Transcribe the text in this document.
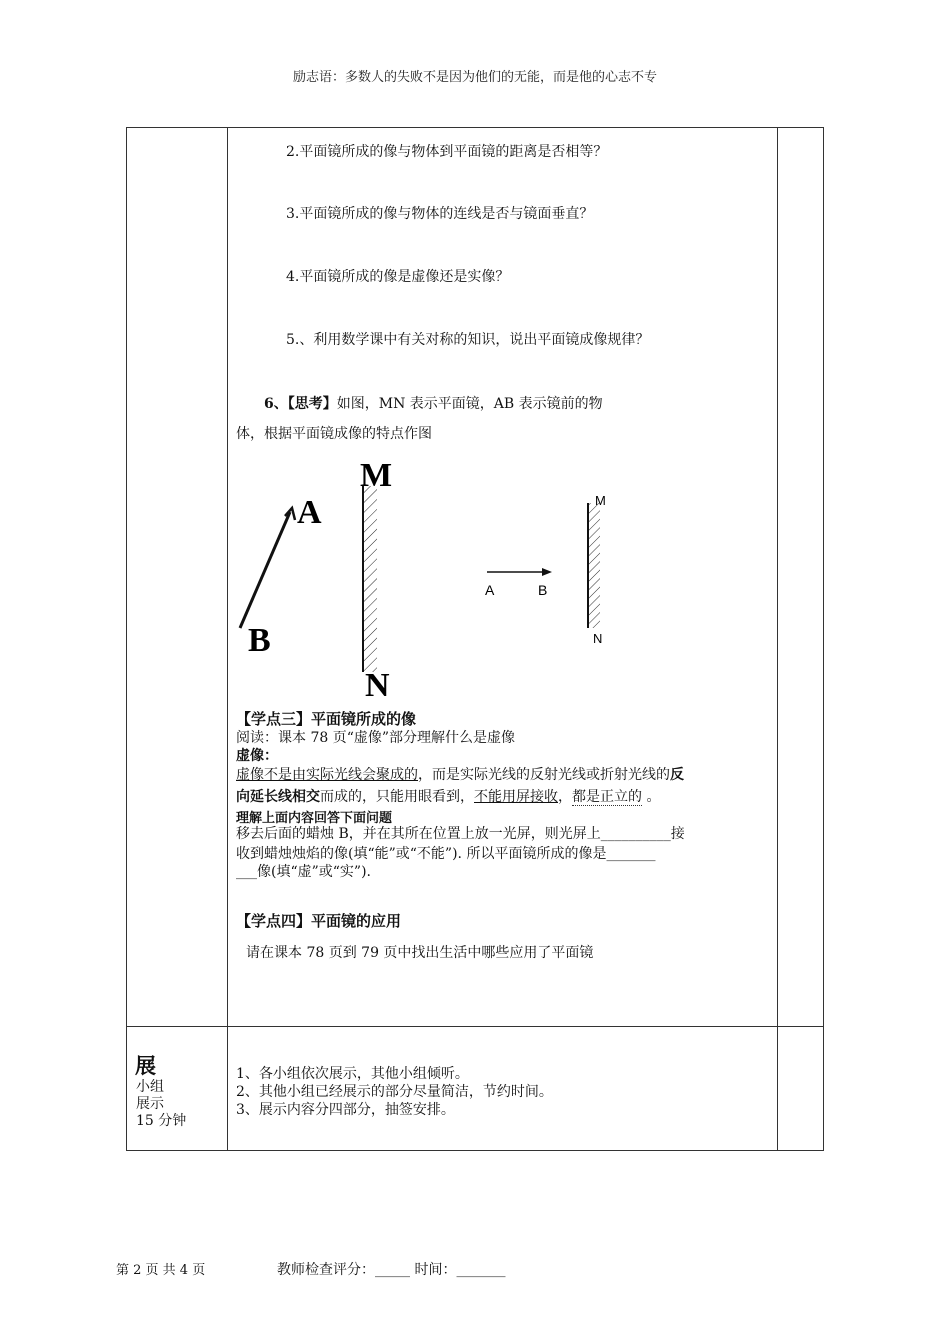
励志语：多数人的失败不是因为他们的无能，而是他的心志不专
2.平面镜所成的像与物体到平面镜的距离是否相等？
3.平面镜所成的像与物体的连线是否与镜面垂直？
4.平面镜所成的像是虚像还是实像？
5.、利用数学课中有关对称的知识，说出平面镜成像规律？
6、【思考】如图，MN 表示平面镜，AB 表示镜前的物
体，根据平面镜成像的特点作图
M
N
A
B
M
N
A	B
【学点三】平面镜所成的像
阅读：课本 78 页“虚像”部分理解什么是虚像
虚像：
虚像不是由实际光线会聚成的，而是实际光线的反射光线或折射光线的反
向延长线相交而成的，只能用眼看到，不能用屏接收，都是正立的 。
理解上面内容回答下面问题
移去后面的蜡烛 B，并在其所在位置上放一光屏，则光屏上__________接
收到蜡烛烛焰的像(填“能”或“不能”). 所以平面镜所成的像是_______
___像(填“虚”或“实”).
【学点四】平面镜的应用
请在课本 78 页到 79 页中找出生活中哪些应用了平面镜
展
小组
展示
15 分钟
1、各小组依次展示，其他小组倾听。
2、其他小组已经展示的部分尽量简洁，节约时间。
3、展示内容分四部分，抽签安排。
第 2 页 共 4 页	教师检查评分：_____ 时间：_______
